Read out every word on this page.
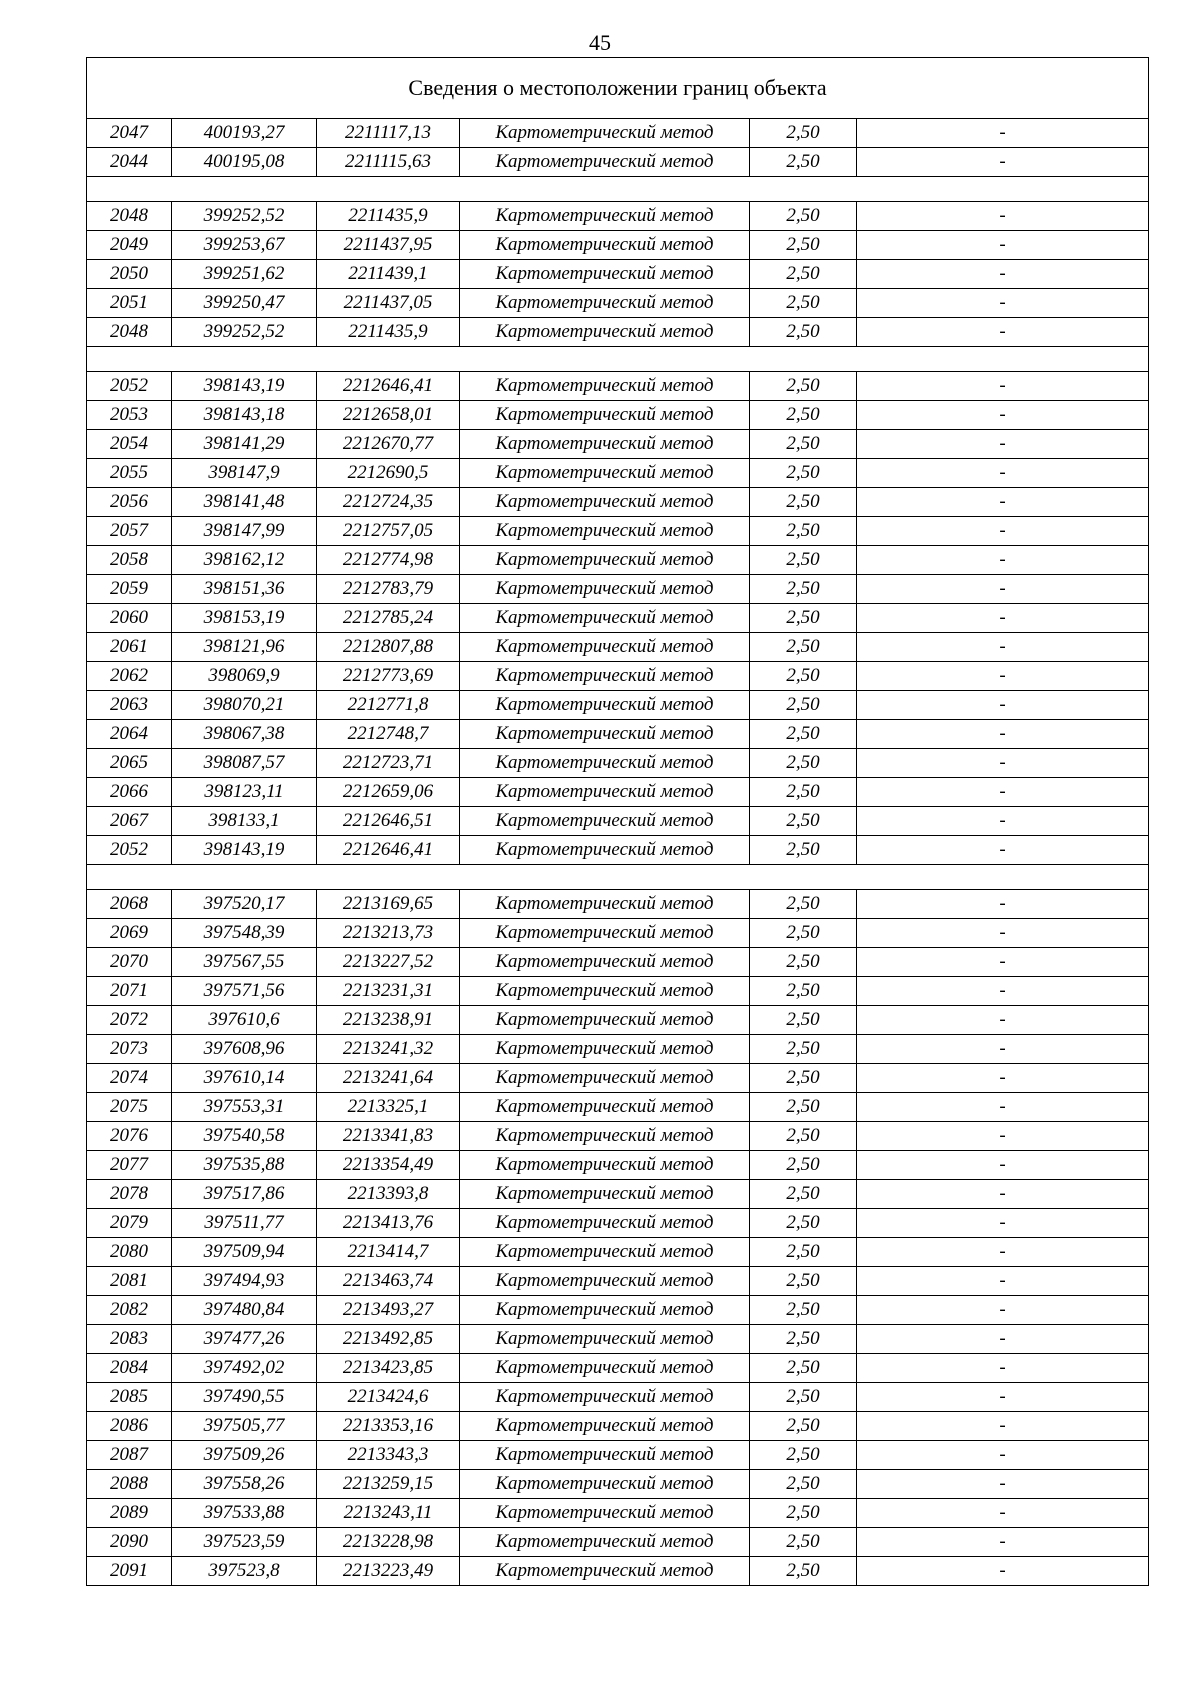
45
Сведения о местоположении границ объекта					
2047	400193,27	2211117,13	Картометрический метод	2,50	-
2044	400195,08	2211115,63	Картометрический метод	2,50	-

2048	399252,52	2211435,9	Картометрический метод	2,50	-
2049	399253,67	2211437,95	Картометрический метод	2,50	-
2050	399251,62	2211439,1	Картометрический метод	2,50	-
2051	399250,47	2211437,05	Картометрический метод	2,50	-
2048	399252,52	2211435,9	Картометрический метод	2,50	-

2052	398143,19	2212646,41	Картометрический метод	2,50	-
2053	398143,18	2212658,01	Картометрический метод	2,50	-
2054	398141,29	2212670,77	Картометрический метод	2,50	-
2055	398147,9	2212690,5	Картометрический метод	2,50	-
2056	398141,48	2212724,35	Картометрический метод	2,50	-
2057	398147,99	2212757,05	Картометрический метод	2,50	-
2058	398162,12	2212774,98	Картометрический метод	2,50	-
2059	398151,36	2212783,79	Картометрический метод	2,50	-
2060	398153,19	2212785,24	Картометрический метод	2,50	-
2061	398121,96	2212807,88	Картометрический метод	2,50	-
2062	398069,9	2212773,69	Картометрический метод	2,50	-
2063	398070,21	2212771,8	Картометрический метод	2,50	-
2064	398067,38	2212748,7	Картометрический метод	2,50	-
2065	398087,57	2212723,71	Картометрический метод	2,50	-
2066	398123,11	2212659,06	Картометрический метод	2,50	-
2067	398133,1	2212646,51	Картометрический метод	2,50	-
2052	398143,19	2212646,41	Картометрический метод	2,50	-

2068	397520,17	2213169,65	Картометрический метод	2,50	-
2069	397548,39	2213213,73	Картометрический метод	2,50	-
2070	397567,55	2213227,52	Картометрический метод	2,50	-
2071	397571,56	2213231,31	Картометрический метод	2,50	-
2072	397610,6	2213238,91	Картометрический метод	2,50	-
2073	397608,96	2213241,32	Картометрический метод	2,50	-
2074	397610,14	2213241,64	Картометрический метод	2,50	-
2075	397553,31	2213325,1	Картометрический метод	2,50	-
2076	397540,58	2213341,83	Картометрический метод	2,50	-
2077	397535,88	2213354,49	Картометрический метод	2,50	-
2078	397517,86	2213393,8	Картометрический метод	2,50	-
2079	397511,77	2213413,76	Картометрический метод	2,50	-
2080	397509,94	2213414,7	Картометрический метод	2,50	-
2081	397494,93	2213463,74	Картометрический метод	2,50	-
2082	397480,84	2213493,27	Картометрический метод	2,50	-
2083	397477,26	2213492,85	Картометрический метод	2,50	-
2084	397492,02	2213423,85	Картометрический метод	2,50	-
2085	397490,55	2213424,6	Картометрический метод	2,50	-
2086	397505,77	2213353,16	Картометрический метод	2,50	-
2087	397509,26	2213343,3	Картометрический метод	2,50	-
2088	397558,26	2213259,15	Картометрический метод	2,50	-
2089	397533,88	2213243,11	Картометрический метод	2,50	-
2090	397523,59	2213228,98	Картометрический метод	2,50	-
2091	397523,8	2213223,49	Картометрический метод	2,50	-
